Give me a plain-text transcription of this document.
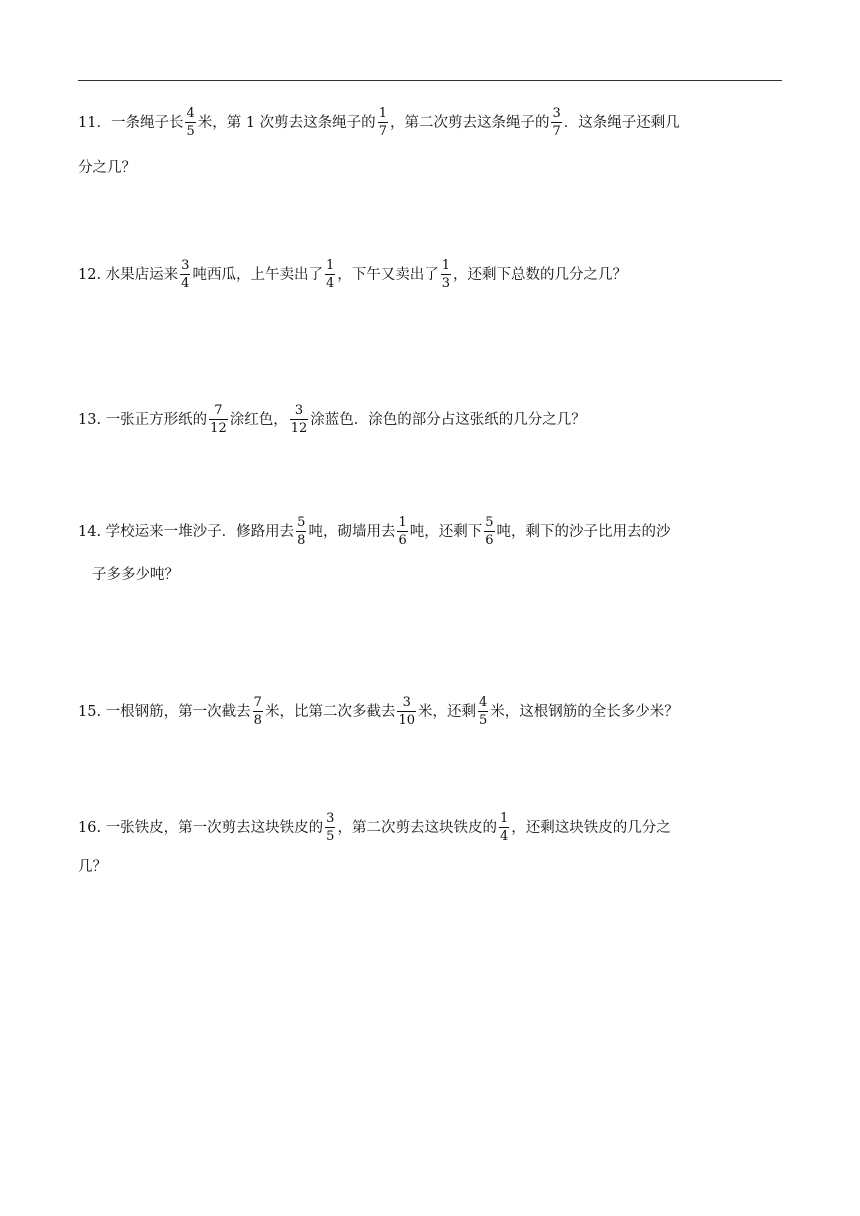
11．一条绳子长 $\frac{4}{5}$ 米，第 1 次剪去这条绳子的 $\frac{1}{7}$ ，第二次剪去这条绳子的 $\frac{3}{7}$ ．这条绳子还剩几
分之几？
12. 水果店运来 $\frac{3}{4}$ 吨西瓜，上午卖出了 $\frac{1}{4}$ ，下午又卖出了 $\frac{1}{3}$ ，还剩下总数的几分之几？
13. 一张正方形纸的 $\frac{7}{12}$ 涂红色， $\frac{3}{12}$ 涂蓝色．涂色的部分占这张纸的几分之几？
14. 学校运来一堆沙子．修路用去 $\frac{5}{8}$ 吨，砌墙用去 $\frac{1}{6}$ 吨，还剩下 $\frac{5}{6}$ 吨，剩下的沙子比用去的沙
子多多少吨？
15. 一根钢筋，第一次截去 $\frac{7}{8}$ 米，比第二次多截去 $\frac{3}{10}$ 米，还剩 $\frac{4}{5}$ 米，这根钢筋的全长多少米？
16. 一张铁皮，第一次剪去这块铁皮的 $\frac{3}{5}$ ，第二次剪去这块铁皮的 $\frac{1}{4}$ ，还剩这块铁皮的几分之
几？
